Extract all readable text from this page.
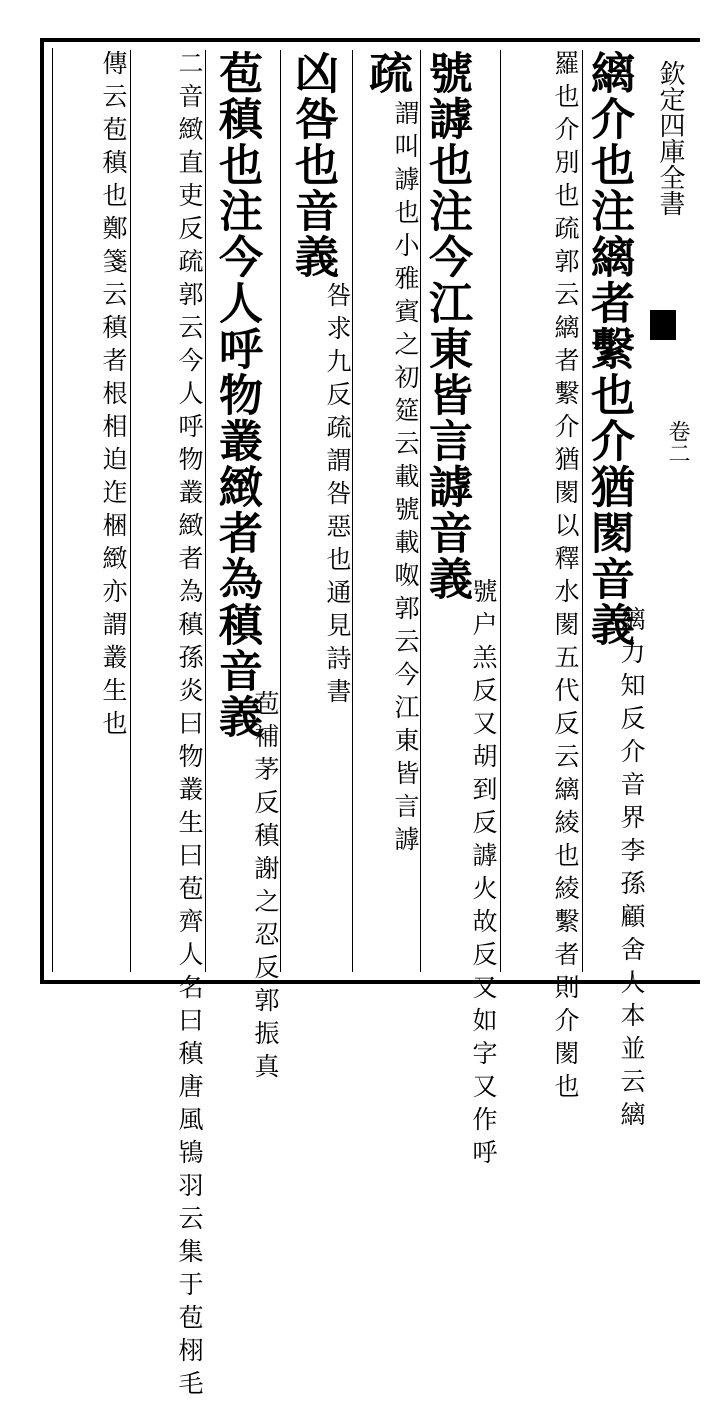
欽定四庫全書
卷二
縭介也注縭者繫也介猶閡音義
縭力知反介音界李孫顧舍人本並云縭
羅也介別也疏郭云縭者繫介猶閡以釋水閡五代反云縭綾也綾繫者則介閡也
號謼也注今江東皆言謼音義
號户羔反又胡到反謼火故反又如字又作呼
疏
謂叫謼也小雅賓之初筵云載號載呶郭云今江東皆言謼
凶咎也音義
咎求九反疏謂咎惡也通見詩書
苞稹也注今人呼物叢緻者為稹音義
苞補茅反稹謝之忍反郭振真
二音緻直吏反疏郭云今人呼物叢緻者為稹孫炎曰物叢生曰苞齊人名曰稹唐風鴇羽云集于苞栩毛
傳云苞稹也鄭箋云稹者根相迫迮梱緻亦謂叢生也
